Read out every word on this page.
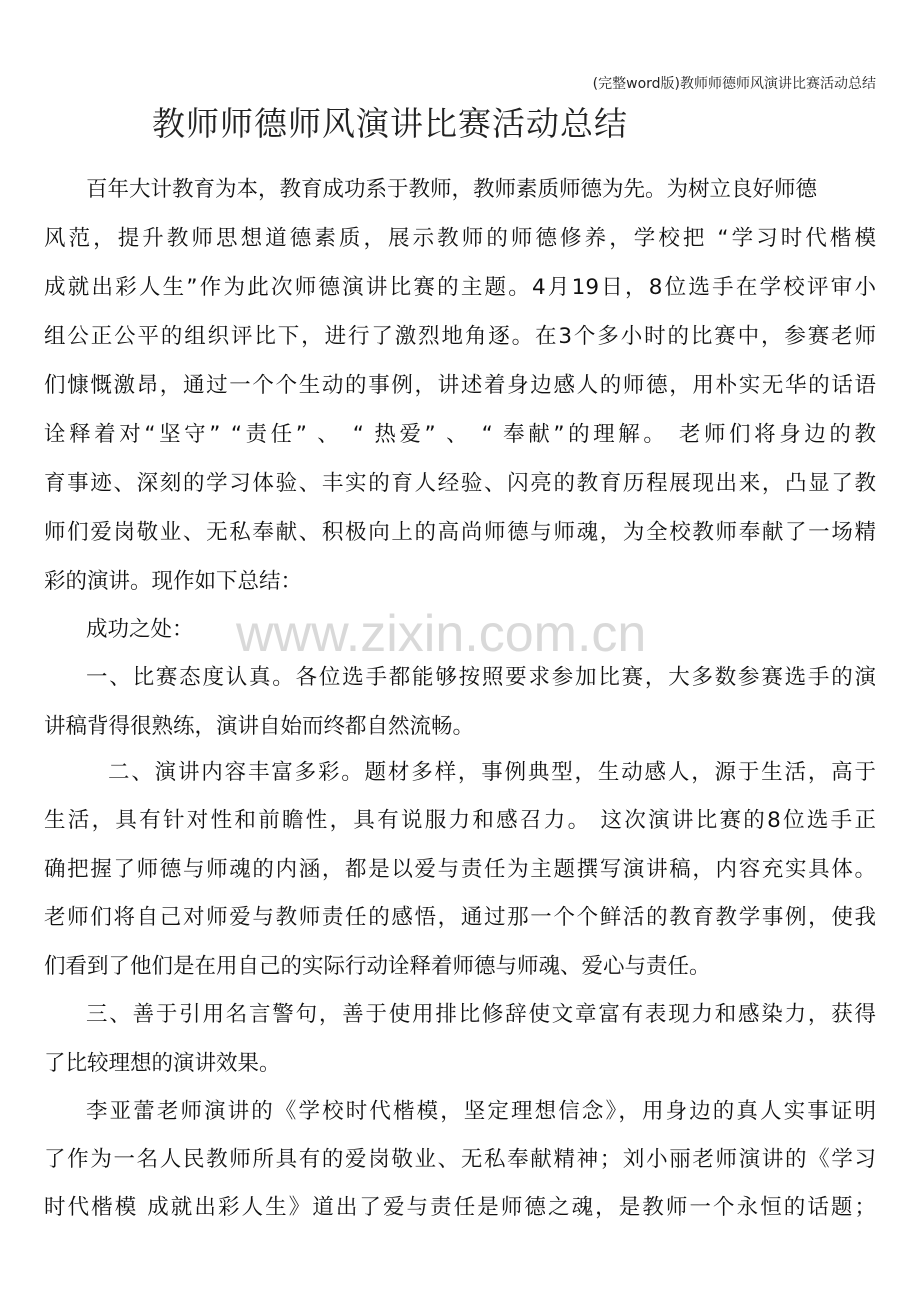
(完整word版)教师师德师风演讲比赛活动总结
教师师德师风演讲比赛活动总结
www.zixin.com.cn
百年大计教育为本，教育成功系于教师，教师素质师德为先。为树立良好师德
风范，提升教师思想道德素质，展示教师的师德修养，学校把 “学习时代楷模
成就出彩人生”作为此次师德演讲比赛的主题。4月19日，8位选手在学校评审小
组公正公平的组织评比下，进行了激烈地角逐。在3个多小时的比赛中，参赛老师
们慷慨激昂，通过一个个生动的事例，讲述着身边感人的师德，用朴实无华的话语
诠释着对“坚守” “责任” 、 “ 热爱” 、 “ 奉献”的理解。 老师们将身边的教
育事迹、深刻的学习体验、丰实的育人经验、闪亮的教育历程展现出来，凸显了教
师们爱岗敬业、无私奉献、积极向上的高尚师德与师魂，为全校教师奉献了一场精
彩的演讲。现作如下总结：
成功之处：
一、比赛态度认真。各位选手都能够按照要求参加比赛，大多数参赛选手的演
讲稿背得很熟练，演讲自始而终都自然流畅。
二、演讲内容丰富多彩。题材多样，事例典型，生动感人，源于生活，高于
生活，具有针对性和前瞻性，具有说服力和感召力。 这次演讲比赛的8位选手正
确把握了师德与师魂的内涵，都是以爱与责任为主题撰写演讲稿，内容充实具体。
老师们将自己对师爱与教师责任的感悟，通过那一个个鲜活的教育教学事例，使我
们看到了他们是在用自己的实际行动诠释着师德与师魂、爱心与责任。
三、善于引用名言警句，善于使用排比修辞使文章富有表现力和感染力，获得
了比较理想的演讲效果。
李亚蕾老师演讲的《学校时代楷模，坚定理想信念》，用身边的真人实事证明
了作为一名人民教师所具有的爱岗敬业、无私奉献精神；刘小丽老师演讲的《学习
时代楷模 成就出彩人生》道出了爱与责任是师德之魂，是教师一个永恒的话题；
